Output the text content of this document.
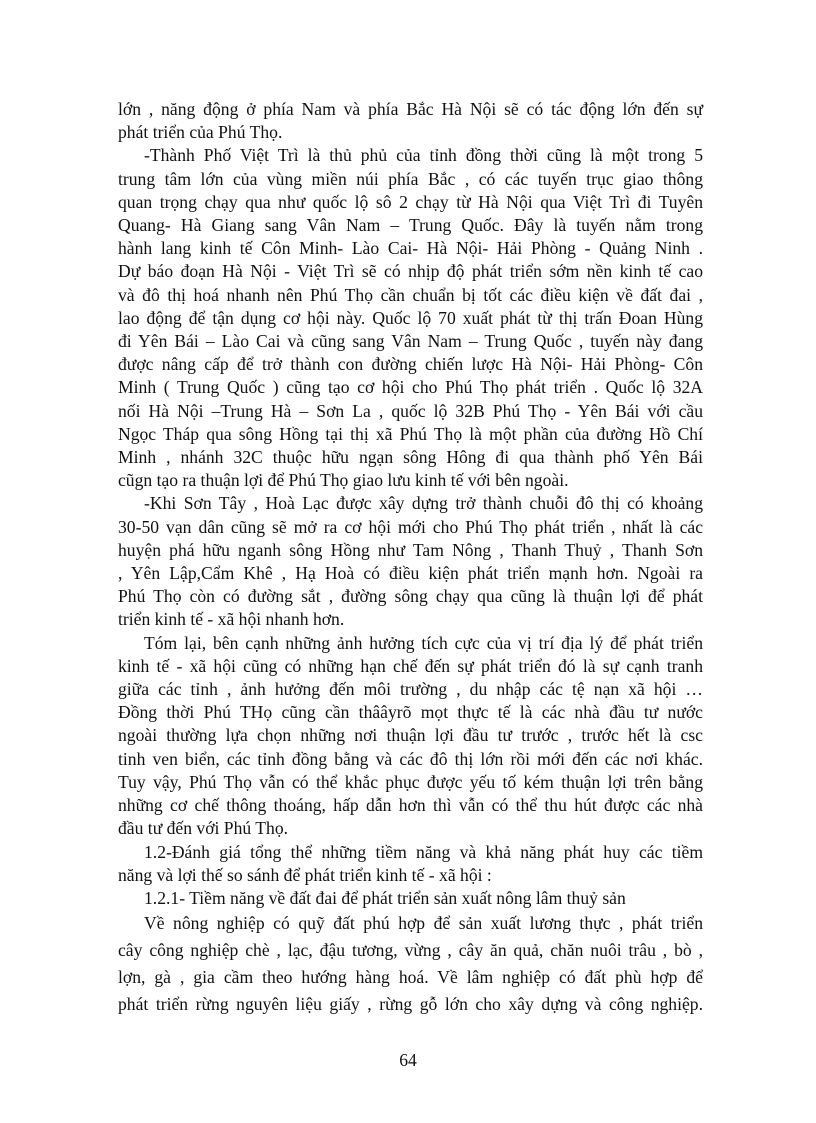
lớn , năng động ở phía Nam và phía Bắc Hà Nội sẽ có tác động lớn đến sự
phát triển của Phú Thọ.
-Thành Phố Việt Trì là thủ phủ của tỉnh đồng thời cũng là một trong 5
trung tâm lớn của vùng miền núi phía Bắc , có các tuyến trục giao thông
quan trọng chạy qua như quốc lộ sô 2 chạy từ Hà Nội qua Việt Trì đi Tuyên
Quang- Hà Giang sang Vân Nam – Trung Quốc. Đây là tuyến nằm trong
hành lang kinh tế Côn Minh- Lào Cai- Hà Nội- Hải Phòng - Quảng Ninh .
Dự báo đoạn Hà Nội - Việt Trì sẽ có nhịp độ phát triển sớm nền kinh tế cao
và đô thị hoá nhanh nên Phú Thọ cần chuẩn bị tốt các điều kiện về đất đai ,
lao động để tận dụng cơ hội này. Quốc lộ 70 xuất phát từ thị trấn Đoan Hùng
đi Yên Bái – Lào Cai và cũng sang Vân Nam – Trung Quốc , tuyến này đang
được nâng cấp để trở thành con đường chiến lược Hà Nội- Hải Phòng- Côn
Minh ( Trung Quốc ) cũng tạo cơ hội cho Phú Thọ phát triển . Quốc lộ 32A
nối Hà Nội –Trung Hà – Sơn La , quốc lộ 32B Phú Thọ - Yên Bái với cầu
Ngọc Tháp qua sông Hồng tại thị xã Phú Thọ là một phần của đường Hồ Chí
Minh , nhánh 32C thuộc hữu ngạn sông Hông đi qua thành phố Yên Bái
cũgn tạo ra thuận lợi để Phú Thọ giao lưu kinh tế với bên ngoài.
-Khi Sơn Tây , Hoà Lạc được xây dựng trở thành chuỗi đô thị có khoảng
30-50 vạn dân cũng sẽ mở ra cơ hội mới cho Phú Thọ phát triển , nhất là các
huyện phá hữu nganh sông Hồng như Tam Nông , Thanh Thuỷ , Thanh Sơn
, Yên Lập,Cẩm Khê , Hạ Hoà có điều kiện phát triển mạnh hơn. Ngoài ra
Phú Thọ còn có đường sắt , đường sông chạy qua cũng là thuận lợi để phát
triển kinh tế - xã hội nhanh hơn.
Tóm lại, bên cạnh những ảnh hưởng tích cực của vị trí địa lý để phát triển
kinh tế - xã hội cũng có những hạn chế đến sự phát triển đó là sự cạnh tranh
giữa các tỉnh , ảnh hưởng đến môi trường , du nhập các tệ nạn xã hội …
Đồng thời Phú THọ cũng cần thââyrõ mọt thực tế là các nhà đầu tư nước
ngoài thường lựa chọn những nơi thuận lợi đầu tư trước , trước hết là csc
tinh ven biển, các tỉnh đồng bằng và các đô thị lớn rồi mới đến các nơi khác.
Tuy vậy, Phú Thọ vẫn có thể khắc phục được yếu tố kém thuận lợi trên bằng
những cơ chế thông thoáng, hấp dẫn hơn thì vẫn có thể thu hút được các nhà
đầu tư đến với Phú Thọ.
1.2-Đánh giá tổng thể những tiềm năng và khả năng phát huy các tiềm
năng và lợi thế so sánh để phát triển kinh tế - xã hội :
1.2.1- Tiềm năng về đất đai để phát triển sản xuất nông lâm thuỷ sản
Về nông nghiệp có quỹ đất phú hợp để sản xuất lương thực , phát triển
cây công nghiệp chè , lạc, đậu tương, vừng , cây ăn quả, chăn nuôi trâu , bò ,
lợn, gà , gia cầm theo hướng hàng hoá. Về lâm nghiệp có đất phù hợp để
phát triển rừng nguyên liệu giấy , rừng gỗ lớn cho xây dựng và công nghiệp.
64
